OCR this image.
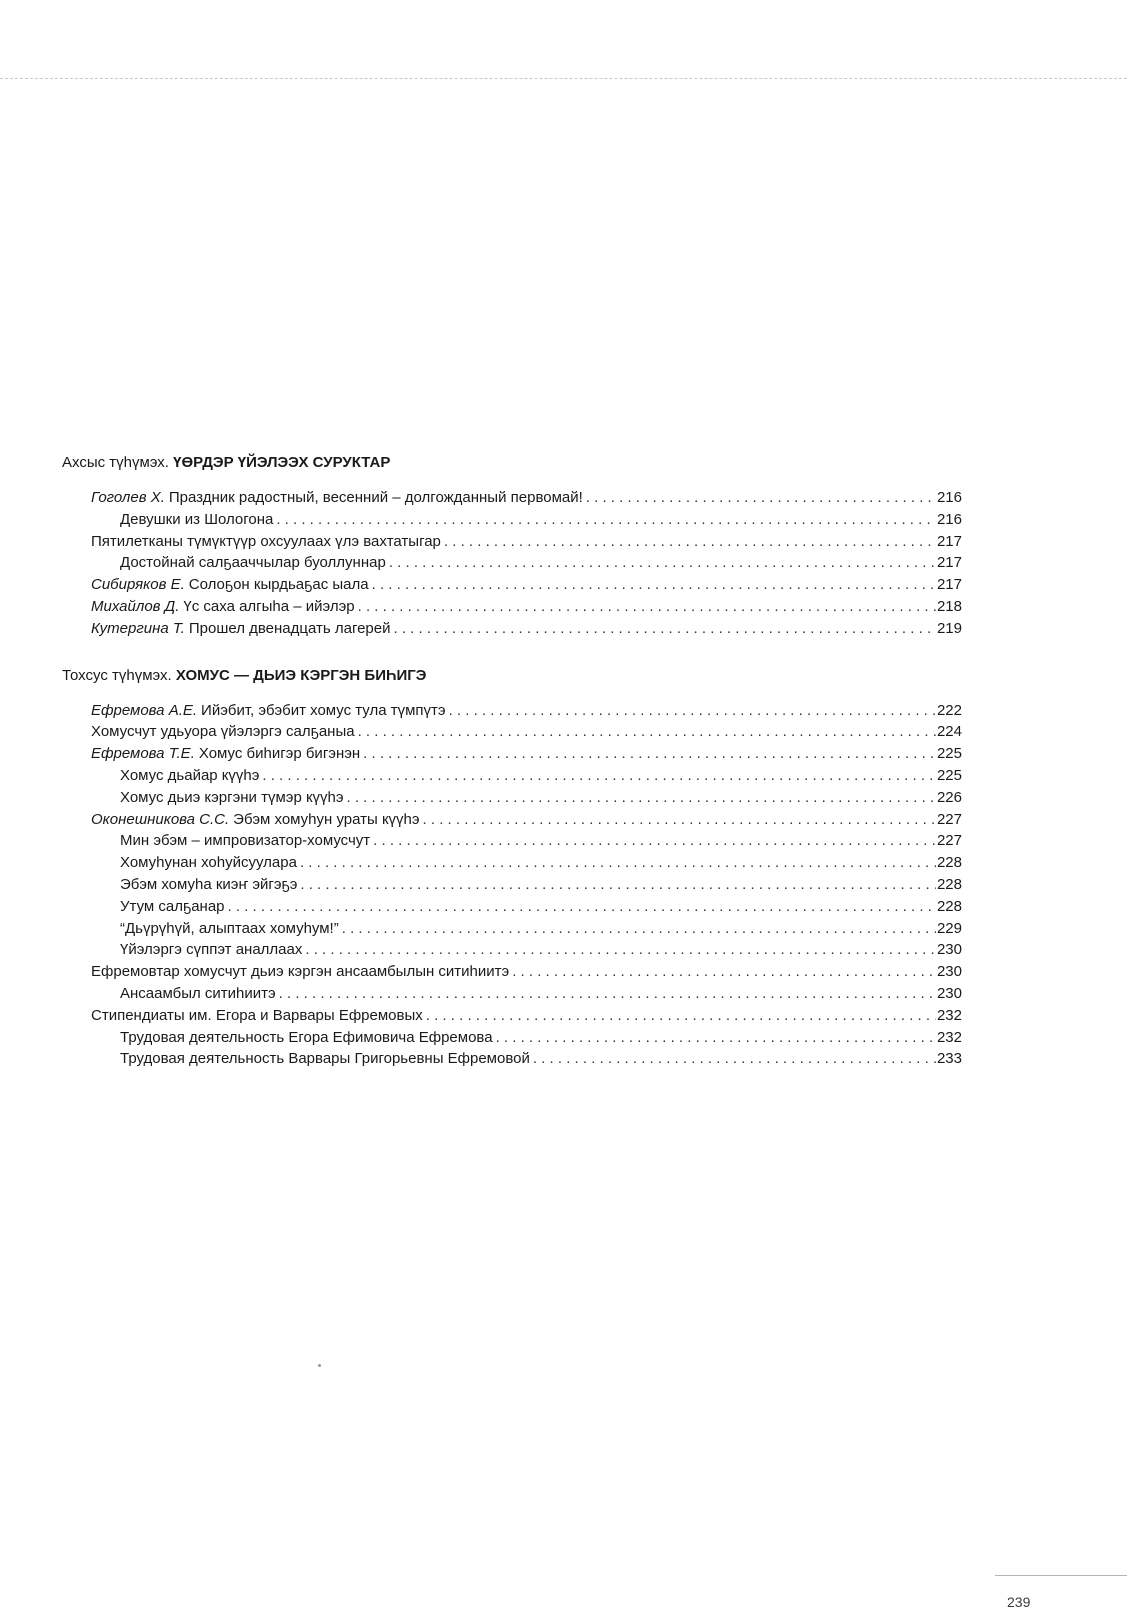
Ахсыс түһүмэх. ҮӨРДЭР ҮЙЭЛЭЭХ СУРУКТАР
Гоголев Х. Праздник радостный, весенний – долгожданный первомай! . . .	216
Девушки из Шологона . . .	216
Пятилетканы түмүктүүр охсуулаах үлэ вахтатыгар . . .	217
Достойнай салҕааччылар буоллуннар . . .	217
Сибиряков Е. Солоҕон кырдьаҕас ыала . . .	217
Михайлов Д. Үс саха алгыһа – ийэлэр . . .	218
Кутергина Т. Прошел двенадцать лагерей . . .	219
Тохсус түһүмэх. ХОМУС — ДЬИЭ КЭРГЭН БИҺИГЭ
Ефремова А.Е. Ийэбит, эбэбит хомус тула түмпүтэ . . .	222
Хомусчут удьуора үйэлэргэ салҕаныа . . .	224
Ефремова Т.Е. Хомус биһигэр бигэнэн . . .	225
Хомус дьайар күүһэ . . .	225
Хомус дьиэ кэргэни түмэр күүһэ . . .	226
Оконешникова С.С. Эбэм хомуһун ураты күүһэ . . .	227
Мин эбэм – импровизатор-хомусчут . . .	227
Хомуһунан хоһуйсуулара . . .	228
Эбэм хомуһа киэҥ эйгэҕэ . . .	228
Утум салҕанар . . .	228
“Дьүрүһүй, алыптаах хомуһум!” . . .	229
Үйэлэргэ сүппэт аналлаах . . .	230
Ефремовтар хомусчут дьиэ кэргэн ансаамбылын ситиһиитэ . . .	230
Ансаамбыл ситиһиитэ . . .	230
Стипендиаты им. Егора и Варвары Ефремовых . . .	232
Трудовая деятельность Егора Ефимовича Ефремова . . .	232
Трудовая деятельность Варвары Григорьевны Ефремовой . . .	233
239
